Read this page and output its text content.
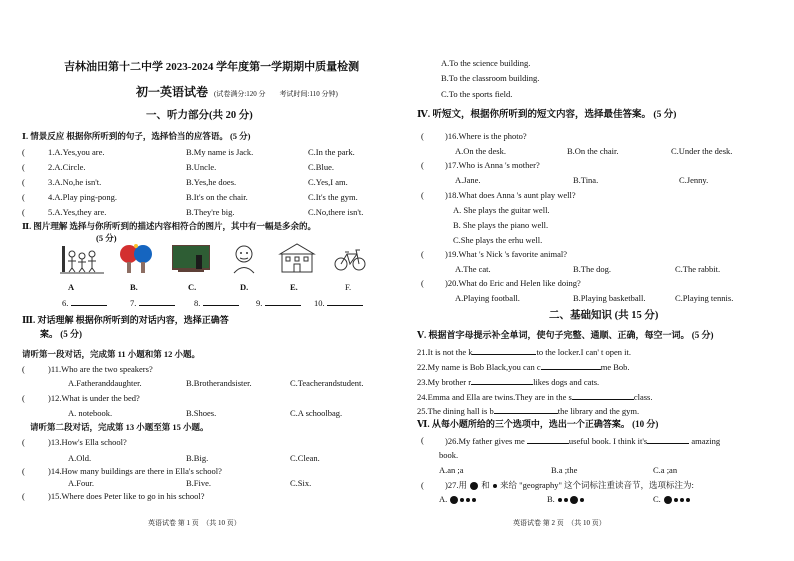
吉林油田第十二中学 2023-2024 学年度第一学期期中质量检测
初一英语试卷 (试卷满分:120 分　　考试时间:110 分钟)
一、听力部分(共 20 分)
Ⅰ. 情景反应 根据你所听到的句子，选择恰当的应答语。 (5 分)
(	1.A.Yes,you are.	B.My name is Jack.	C.In the park.
(	2.A.Circle.	B.Uncle.	C.Blue.
(	3.A.No,he isn't.	B.Yes,he does.	C.Yes,I am.
(	4.A.Play ping-pong.	B.It's on the chair.	C.It's the gym.
(	5.A.Yes,they are.	B.They're big.	C.No,there isn't.
Ⅱ. 图片理解 选择与你所听到的描述内容相符合的图片，其中有一幅是多余的。
(5 分)
A	B.	C.	D.	E.	F.
6.	7.	8.	9.	10.
Ⅲ. 对话理解 根据你所听到的对话内容，选择正确答
案。 (5 分)
请听第一段对话，完成第 11 小题和第 12 小题。
(	)11.Who are the two speakers?
A.Fatheranddaughter.	B.Brotherandsister.	C.Teacherandstudent.
(	)12.What is under the bed?
A. notebook.	B.Shoes.	C.A schoolbag.
请听第二段对话，完成第 13 小题至第 15 小题。
(	)13.How's Ella school?
A.Old.	B.Big.	C.Clean.
(	)14.How many buildings are there in Ella's school?
A.Four.	B.Five.	C.Six.
(	)15.Where does Peter like to go in his school?
英语试卷 第 1 页　（共 10 页）
A.To the science building.
B.To the classroom building.
C.To the sports field.
Ⅳ. 听短文，根据你所听到的短文内容，选择最佳答案。 (5 分)
( )16.Where is the photo?
A.On the desk.	B.On the chair.	C.Under the desk.
( )17.Who is Anna 's mother?
A.Jane.	B.Tina.	C.Jenny.
( )18.What does Anna 's aunt play well?
A. She plays the guitar well.
B. She plays the piano well.
C.She plays the erhu well.
( )19.What 's Nick 's favorite animal?
A.The cat.	B.The dog.	C.The rabbit.
( )20.What do Eric and Helen like doing?
A.Playing football.	B.Playing basketball.	C.Playing tennis.
二、基础知识 (共 15 分)
Ⅴ. 根据首字母提示补全单词，使句子完整、通顺、正确，每空一词。 (5 分)
21.It is not the k	to the locker.I can' t open it.
22.My name is Bob Black,you can c	me Bob.
23.My brother r	likes dogs and cats.
24.Emma and Ella are twins.They are in the s	class.
25.The dining hall is b	the library and the gym.
Ⅵ. 从每小题所给的三个选项中，选出一个正确答案。 (10 分)
( )26.My father gives me	useful book. I think it's	amazing
book.
A.an ;a	B.a ;the	C.a ;an
( )27.用 和 来给 "geography" 这个词标注重读音节，选项标注为:
A.	B.	C.
英语试卷 第 2 页　（共 10 页）
